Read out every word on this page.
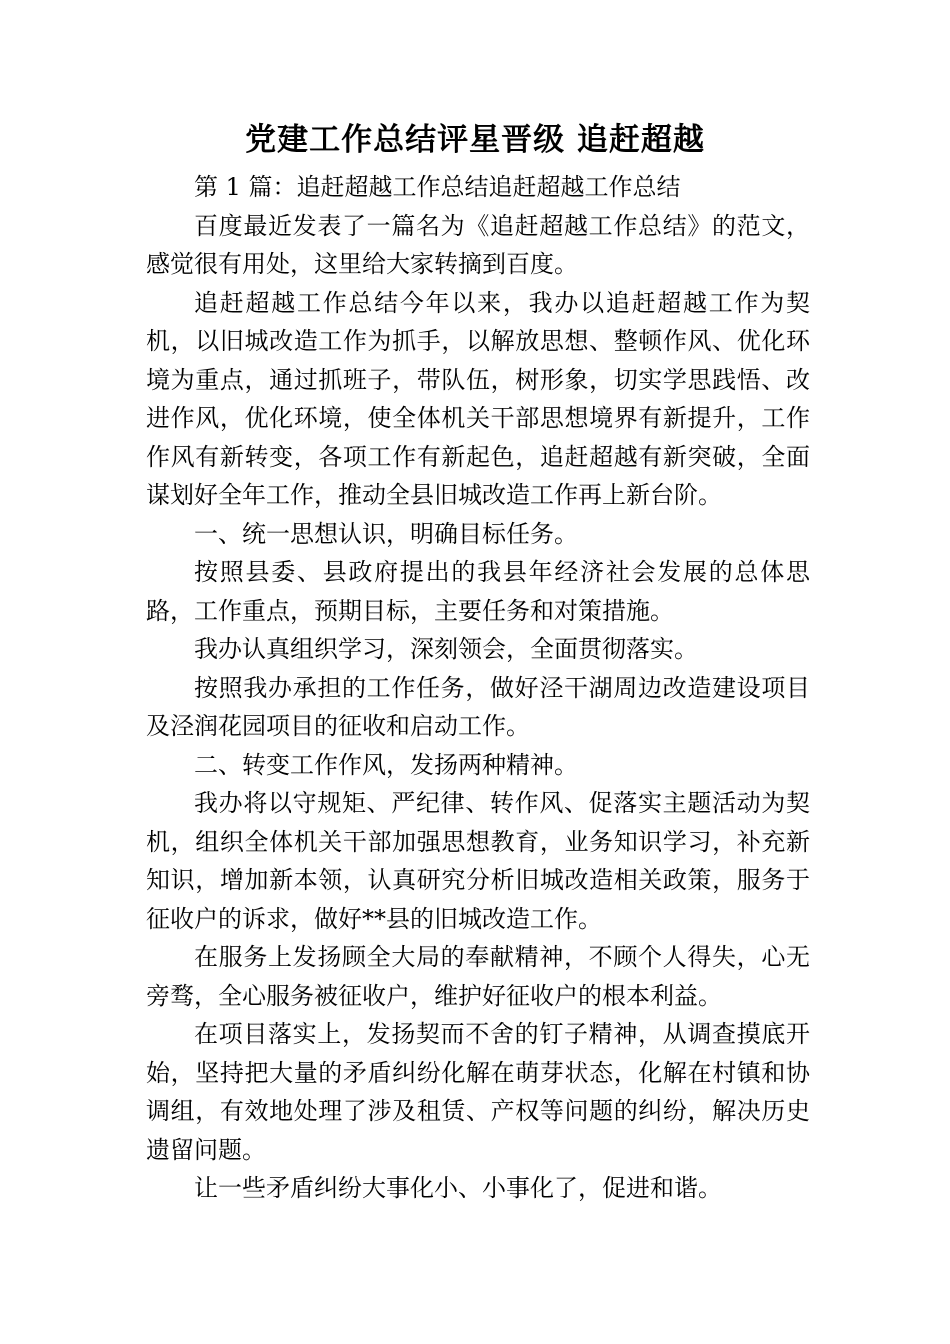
党建工作总结评星晋级 追赶超越

第 1 篇：追赶超越工作总结追赶超越工作总结

百度最近发表了一篇名为《追赶超越工作总结》的范文，感觉很有用处，这里给大家转摘到百度。

追赶超越工作总结今年以来，我办以追赶超越工作为契机，以旧城改造工作为抓手，以解放思想、整顿作风、优化环境为重点，通过抓班子，带队伍，树形象，切实学思践悟、改进作风，优化环境，使全体机关干部思想境界有新提升，工作作风有新转变，各项工作有新起色，追赶超越有新突破，全面谋划好全年工作，推动全县旧城改造工作再上新台阶。

一、统一思想认识，明确目标任务。

按照县委、县政府提出的我县年经济社会发展的总体思路，工作重点，预期目标，主要任务和对策措施。

我办认真组织学习，深刻领会，全面贯彻落实。

按照我办承担的工作任务，做好泾干湖周边改造建设项目及泾润花园项目的征收和启动工作。

二、转变工作作风，发扬两种精神。

我办将以守规矩、严纪律、转作风、促落实主题活动为契机，组织全体机关干部加强思想教育，业务知识学习，补充新知识，增加新本领，认真研究分析旧城改造相关政策，服务于征收户的诉求，做好**县的旧城改造工作。

在服务上发扬顾全大局的奉献精神，不顾个人得失，心无旁骛，全心服务被征收户，维护好征收户的根本利益。

在项目落实上，发扬契而不舍的钉子精神，从调查摸底开始，坚持把大量的矛盾纠纷化解在萌芽状态，化解在村镇和协调组，有效地处理了涉及租赁、产权等问题的纠纷，解决历史遗留问题。

让一些矛盾纠纷大事化小、小事化了，促进和谐。
